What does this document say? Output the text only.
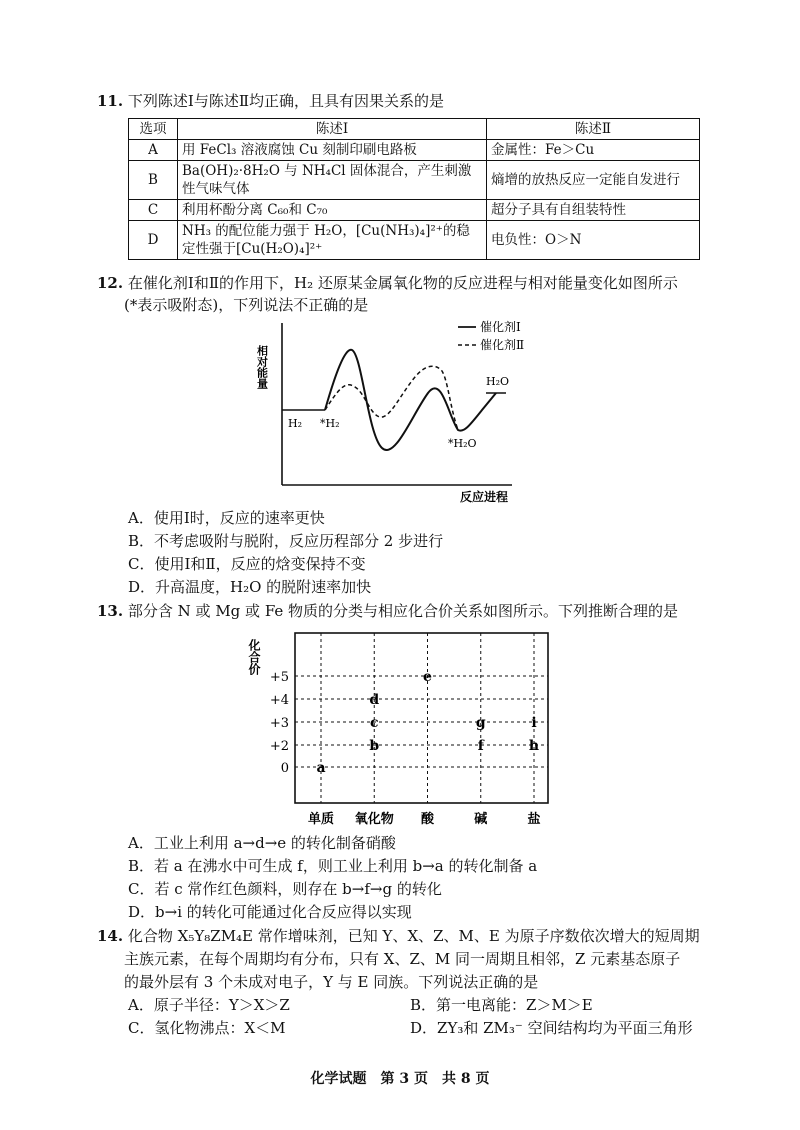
11. 下列陈述Ⅰ与陈述Ⅱ均正确，且具有因果关系的是
选项	陈述Ⅰ	陈述Ⅱ
A	用 FeCl₃ 溶液腐蚀 Cu 刻制印刷电路板	金属性：Fe＞Cu
B	Ba(OH)₂·8H₂O 与 NH₄Cl 固体混合，产生刺激性气味气体	熵增的放热反应一定能自发进行
C	利用杯酚分离 C₆₀和 C₇₀	超分子具有自组装特性
D	NH₃ 的配位能力强于 H₂O，[Cu(NH₃)₄]²⁺的稳定性强于[Cu(H₂O)₄]²⁺	电负性：O＞N
12. 在催化剂Ⅰ和Ⅱ的作用下，H₂ 还原某金属氧化物的反应进程与相对能量变化如图所示
(*表示吸附态)，下列说法不正确的是
相对能量
反应进程
催化剂Ⅰ
催化剂Ⅱ
H₂ *H₂
*H₂O
H₂O
A．使用Ⅰ时，反应的速率更快
B．不考虑吸附与脱附，反应历程部分 2 步进行
C．使用Ⅰ和Ⅱ，反应的焓变保持不变
D．升高温度，H₂O 的脱附速率加快
13. 部分含 N 或 Mg 或 Fe 物质的分类与相应化合价关系如图所示。下列推断合理的是
化合价
+5
+4
+3
+2
0
单质 氧化物 酸	碱	盐
a
b
c
d
e
f
g
h
i
A．工业上利用 a→d→e 的转化制备硝酸
B．若 a 在沸水中可生成 f，则工业上利用 b→a 的转化制备 a
C．若 c 常作红色颜料，则存在 b→f→g 的转化
D．b→i 的转化可能通过化合反应得以实现
14. 化合物 X₅Y₈ZM₄E 常作增味剂，已知 Y、X、Z、M、E 为原子序数依次增大的短周期
主族元素，在每个周期均有分布，只有 X、Z、M 同一周期且相邻，Z 元素基态原子
的最外层有 3 个未成对电子，Y 与 E 同族。下列说法正确的是
A．原子半径：Y＞X＞Z	B．第一电离能：Z＞M＞E
C．氢化物沸点：X＜M	D．ZY₃和 ZM₃⁻ 空间结构均为平面三角形
化学试题　第 3 页　共 8 页
